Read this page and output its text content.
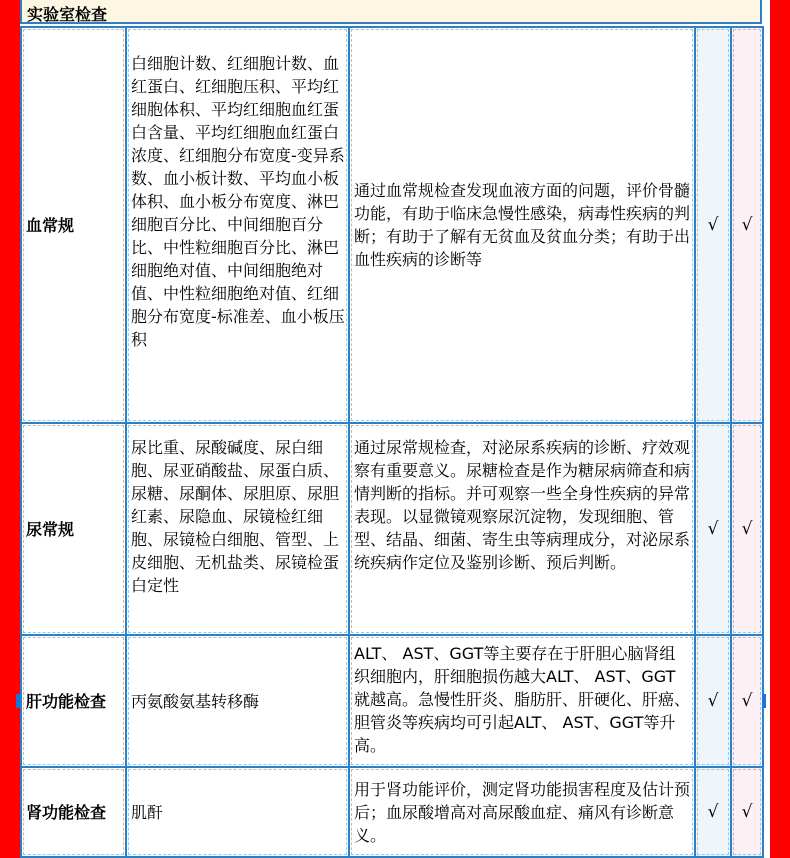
实验室检查
血常规
白细胞计数、红细胞计数、血红蛋白、红细胞压积、平均红细胞体积、平均红细胞血红蛋白含量、平均红细胞血红蛋白浓度、红细胞分布宽度-变异系数、血小板计数、平均血小板体积、血小板分布宽度、淋巴细胞百分比、中间细胞百分比、中性粒细胞百分比、淋巴细胞绝对值、中间细胞绝对值、中性粒细胞绝对值、红细胞分布宽度-标准差、血小板压积
通过血常规检查发现血液方面的问题，评价骨髓功能，有助于临床急慢性感染，病毒性疾病的判断；有助于了解有无贫血及贫血分类；有助于出血性疾病的诊断等
√ √
尿常规
尿比重、尿酸碱度、尿白细胞、尿亚硝酸盐、尿蛋白质、尿糖、尿酮体、尿胆原、尿胆红素、尿隐血、尿镜检红细胞、尿镜检白细胞、管型、上皮细胞、无机盐类、尿镜检蛋白定性
通过尿常规检查，对泌尿系疾病的诊断、疗效观察有重要意义。尿糖检查是作为糖尿病筛查和病情判断的指标。并可观察一些全身性疾病的异常表现。以显微镜观察尿沉淀物，发现细胞、管型、结晶、细菌、寄生虫等病理成分，对泌尿系统疾病作定位及鉴别诊断、预后判断。
√ √
肝功能检查 丙氨酸氨基转移酶
ALT、 AST、GGT等主要存在于肝胆心脑肾组织细胞内，肝细胞损伤越大ALT、 AST、GGT就越高。急慢性肝炎、脂肪肝、肝硬化、肝癌、胆管炎等疾病均可引起ALT、 AST、GGT等升高。
√ √
肾功能检查 肌酐
用于肾功能评价，测定肾功能损害程度及估计预后；血尿酸增高对高尿酸血症、痛风有诊断意义。
√ √
